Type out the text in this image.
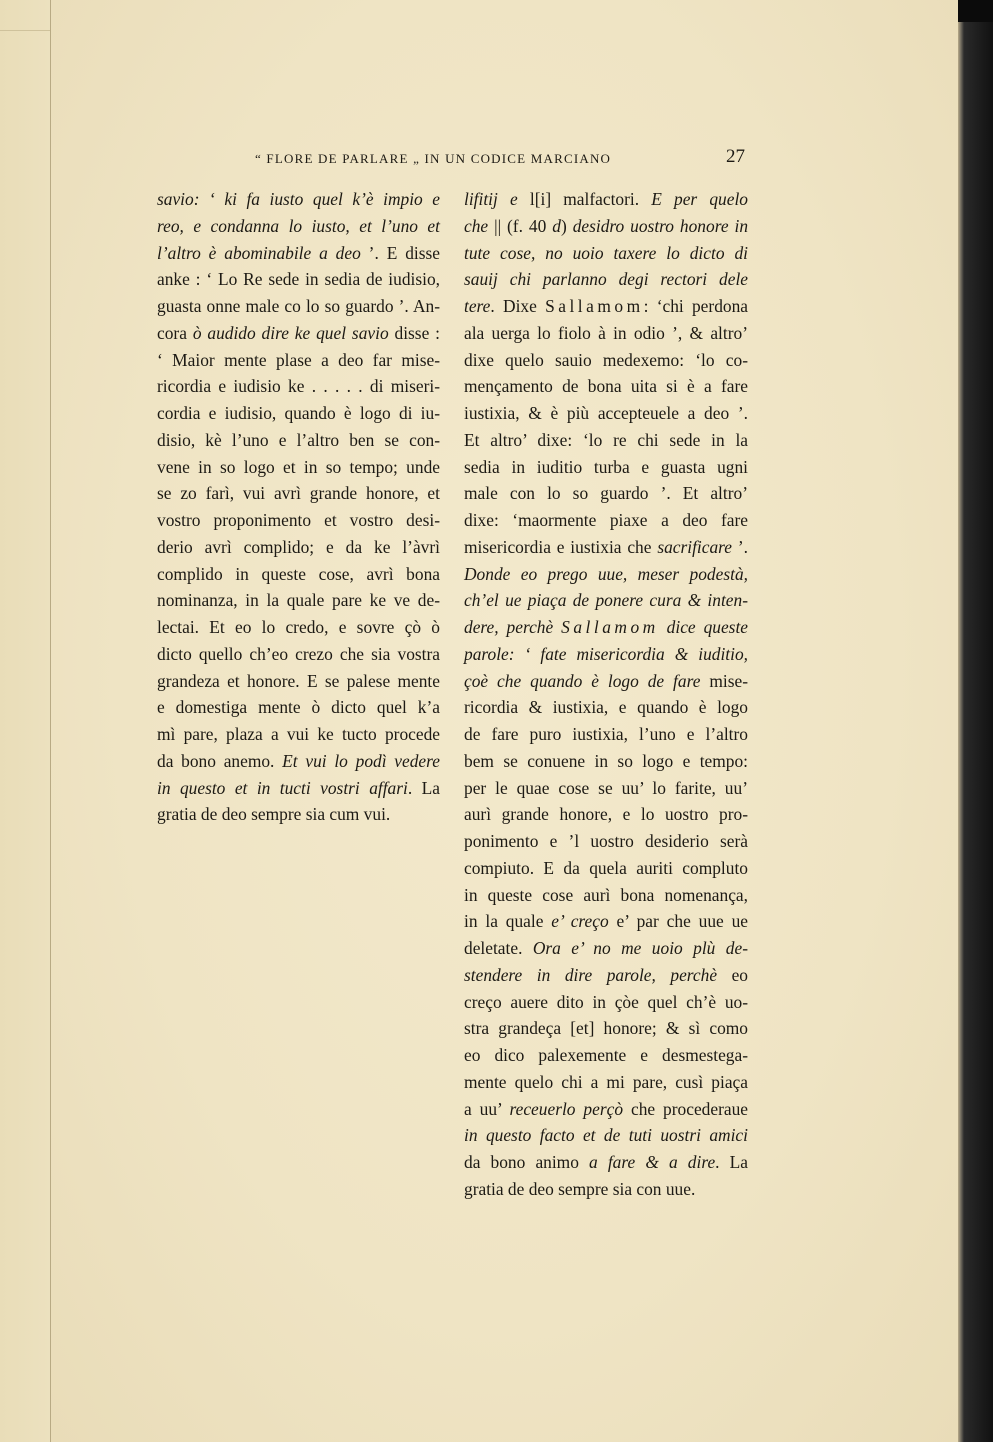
“ FLORE DE PARLARE „ IN UN CODICE MARCIANO	27
savio: ‘ ki fa iusto quel k’è impio e
reo, e condanna lo iusto, et l’uno et
l’altro è abominabile a deo ’. E disse
anke : ‘ Lo Re sede in sedia de iudisio,
guasta onne male co lo so guardo ’. An-
cora ò audido dire ke quel savio disse :
‘ Maior mente plase a deo far mise-
ricordia e iudisio ke . . . . . di miseri-
cordia e iudisio, quando è logo di iu-
disio, kè l’uno e l’altro ben se con-
vene in so logo et in so tempo; unde
se zo farì, vui avrì grande honore, et
vostro proponimento et vostro desi-
derio avrì complido; e da ke l’àvrì
complido in queste cose, avrì bona
nominanza, in la quale pare ke ve de-
lectai. Et eo lo credo, e sovre çò ò
dicto quello ch’eo crezo che sia vostra
grandeza et honore. E se palese mente
e domestiga mente ò dicto quel k’a
mì pare, plaza a vui ke tucto procede
da bono anemo. Et vui lo podì vedere
in questo et in tucti vostri affari. La
gratia de deo sempre sia cum vui.
lifitij e l[i] malfactori. E per quelo
che || (f. 40 d) desidro uostro honore in
tute cose, no uoio taxere lo dicto di
sauij chi parlanno degi rectori dele
tere. Dixe Sallamom: ‘chi perdona
ala uerga lo fiolo à in odio ’, & altro’
dixe quelo sauio medexemo: ‘lo co-
mençamento de bona uita si è a fare
iustixia, & è più accepteuele a deo ’.
Et altro’ dixe: ‘lo re chi sede in la
sedia in iuditio turba e guasta ugni
male con lo so guardo ’. Et altro’
dixe: ‘maormente piaxe a deo fare
misericordia e iustixia che sacrificare ’.
Donde eo prego uue, meser podestà,
ch’el ue piaça de ponere cura & inten-
dere, perchè Sallamom dice queste
parole: ‘ fate misericordia & iuditio,
çoè che quando è logo de fare mise-
ricordia & iustixia, e quando è logo
de fare puro iustixia, l’uno e l’altro
bem se conuene in so logo e tempo:
per le quae cose se uu’ lo farite, uu’
aurì grande honore, e lo uostro pro-
ponimento e ’l uostro desiderio serà
compiuto. E da quela auriti compluto
in queste cose aurì bona nomenança,
in la quale e’ creço e’ par che uue ue
deletate. Ora e’ no me uoio plù de-
stendere in dire parole, perchè eo
creço auere dito in çòe quel ch’è uo-
stra grandeça [et] honore; & sì como
eo dico palexemente e desmestega-
mente quelo chi a mi pare, cusì piaça
a uu’ receuerlo perçò che procederaue
in questo facto et de tuti uostri amici
da bono animo a fare & a dire. La
gratia de deo sempre sia con uue.
